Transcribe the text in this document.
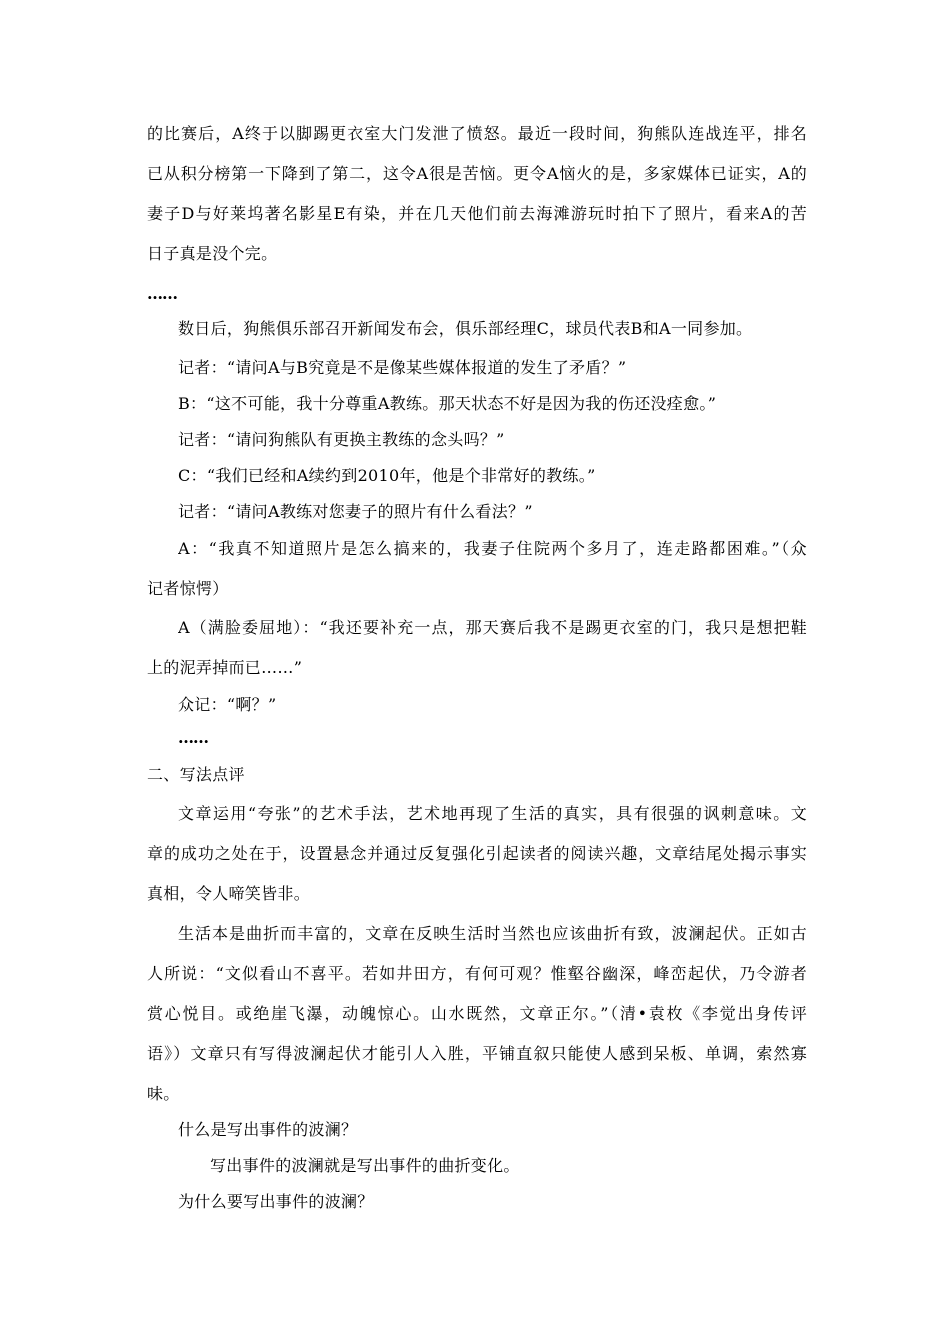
的比赛后，A终于以脚踢更衣室大门发泄了愤怒。最近一段时间，狗熊队连战连平，排名
已从积分榜第一下降到了第二，这令A很是苦恼。更令A恼火的是，多家媒体已证实，A的
妻子D与好莱坞著名影星E有染，并在几天他们前去海滩游玩时拍下了照片，看来A的苦
日子真是没个完。
……
数日后，狗熊俱乐部召开新闻发布会，俱乐部经理C，球员代表B和A一同参加。
记者：“请问A与B究竟是不是像某些媒体报道的发生了矛盾？”
B：“这不可能，我十分尊重A教练。那天状态不好是因为我的伤还没痊愈。”
记者：“请问狗熊队有更换主教练的念头吗？”
C：“我们已经和A续约到2010年，他是个非常好的教练。”
记者：“请问A教练对您妻子的照片有什么看法？”
A：“我真不知道照片是怎么搞来的，我妻子住院两个多月了，连走路都困难。”（众
记者惊愕）
A（满脸委屈地）：“我还要补充一点，那天赛后我不是踢更衣室的门，我只是想把鞋
上的泥弄掉而已……”
众记：“啊？”
……
二、写法点评
文章运用“夸张”的艺术手法，艺术地再现了生活的真实，具有很强的讽刺意味。文
章的成功之处在于，设置悬念并通过反复强化引起读者的阅读兴趣，文章结尾处揭示事实
真相，令人啼笑皆非。
生活本是曲折而丰富的，文章在反映生活时当然也应该曲折有致，波澜起伏。正如古
人所说：“文似看山不喜平。若如井田方，有何可观？惟壑谷幽深，峰峦起伏，乃令游者
赏心悦目。或绝崖飞瀑，动魄惊心。山水既然，文章正尔。”（清•袁枚《李觉出身传评
语》）文章只有写得波澜起伏才能引人入胜，平铺直叙只能使人感到呆板、单调，索然寡
味。
什么是写出事件的波澜？
写出事件的波澜就是写出事件的曲折变化。
为什么要写出事件的波澜？
